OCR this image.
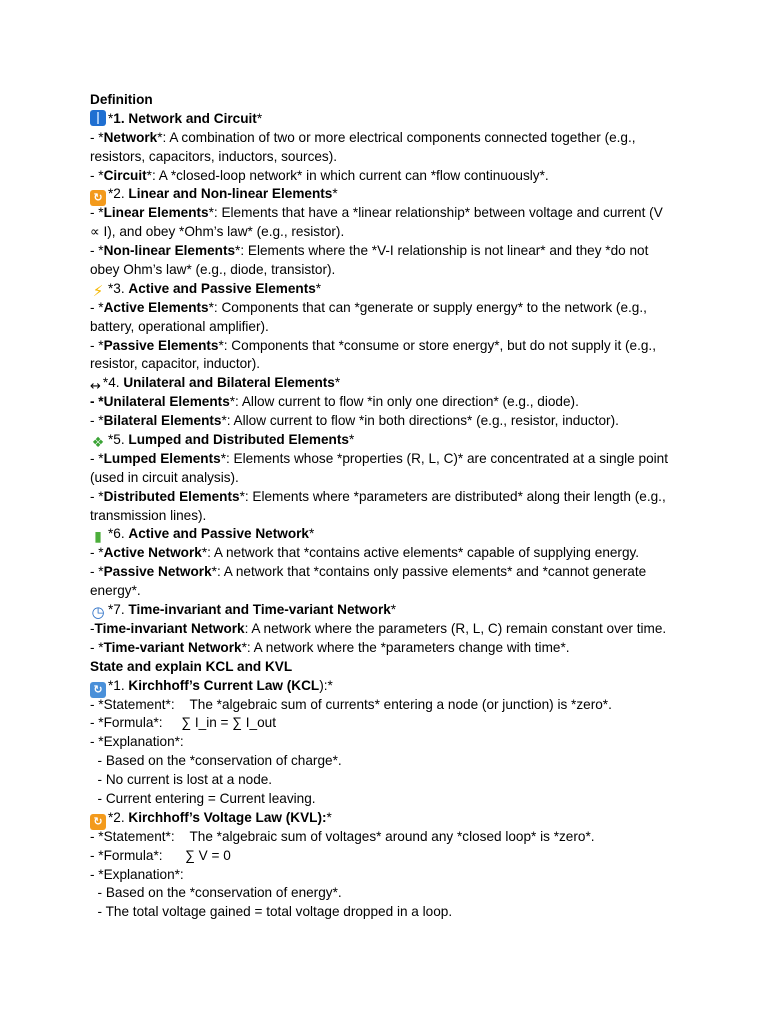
Definition
*1. Network and Circuit*
- *Network*: A combination of two or more electrical components connected together (e.g.,
resistors, capacitors, inductors, sources).
- *Circuit*: A *closed-loop network* in which current can *flow continuously*.
↻ *2. Linear and Non-linear Elements*
- *Linear Elements*: Elements that have a *linear relationship* between voltage and current (V
∝ I), and obey *Ohm’s law* (e.g., resistor).
- *Non-linear Elements*: Elements where the *V-I relationship is not linear* and they *do not
obey Ohm’s law* (e.g., diode, transistor).
⚡ *3. Active and Passive Elements*
- *Active Elements*: Components that can *generate or supply energy* to the network (e.g.,
battery, operational amplifier).
- *Passive Elements*: Components that *consume or store energy*, but do not supply it (e.g.,
resistor, capacitor, inductor).
↔ *4. Unilateral and Bilateral Elements*
- *Unilateral Elements*: Allow current to flow *in only one direction* (e.g., diode).
- *Bilateral Elements*: Allow current to flow *in both directions* (e.g., resistor, inductor).
❖ *5. Lumped and Distributed Elements*
- *Lumped Elements*: Elements whose *properties (R, L, C)* are concentrated at a single point
(used in circuit analysis).
- *Distributed Elements*: Elements where *parameters are distributed* along their length (e.g.,
transmission lines).
▮ *6. Active and Passive Network*
- *Active Network*: A network that *contains active elements* capable of supplying energy.
- *Passive Network*: A network that *contains only passive elements* and *cannot generate
energy*.
◷ *7. Time-invariant and Time-variant Network*
-Time-invariant Network: A network where the parameters (R, L, C) remain constant over time.
- *Time-variant Network*: A network where the *parameters change with time*.
State and explain KCL and KVL
↻ *1. Kirchhoff’s Current Law (KCL):*
- *Statement*:    The *algebraic sum of currents* entering a node (or junction) is *zero*.
- *Formula*:     ∑ I_in = ∑ I_out
- *Explanation*:
- Based on the *conservation of charge*.
- No current is lost at a node.
- Current entering = Current leaving.
↻ *2. Kirchhoff’s Voltage Law (KVL):*
- *Statement*:    The *algebraic sum of voltages* around any *closed loop* is *zero*.
- *Formula*:      ∑ V = 0
- *Explanation*:
- Based on the *conservation of energy*.
- The total voltage gained = total voltage dropped in a loop.
